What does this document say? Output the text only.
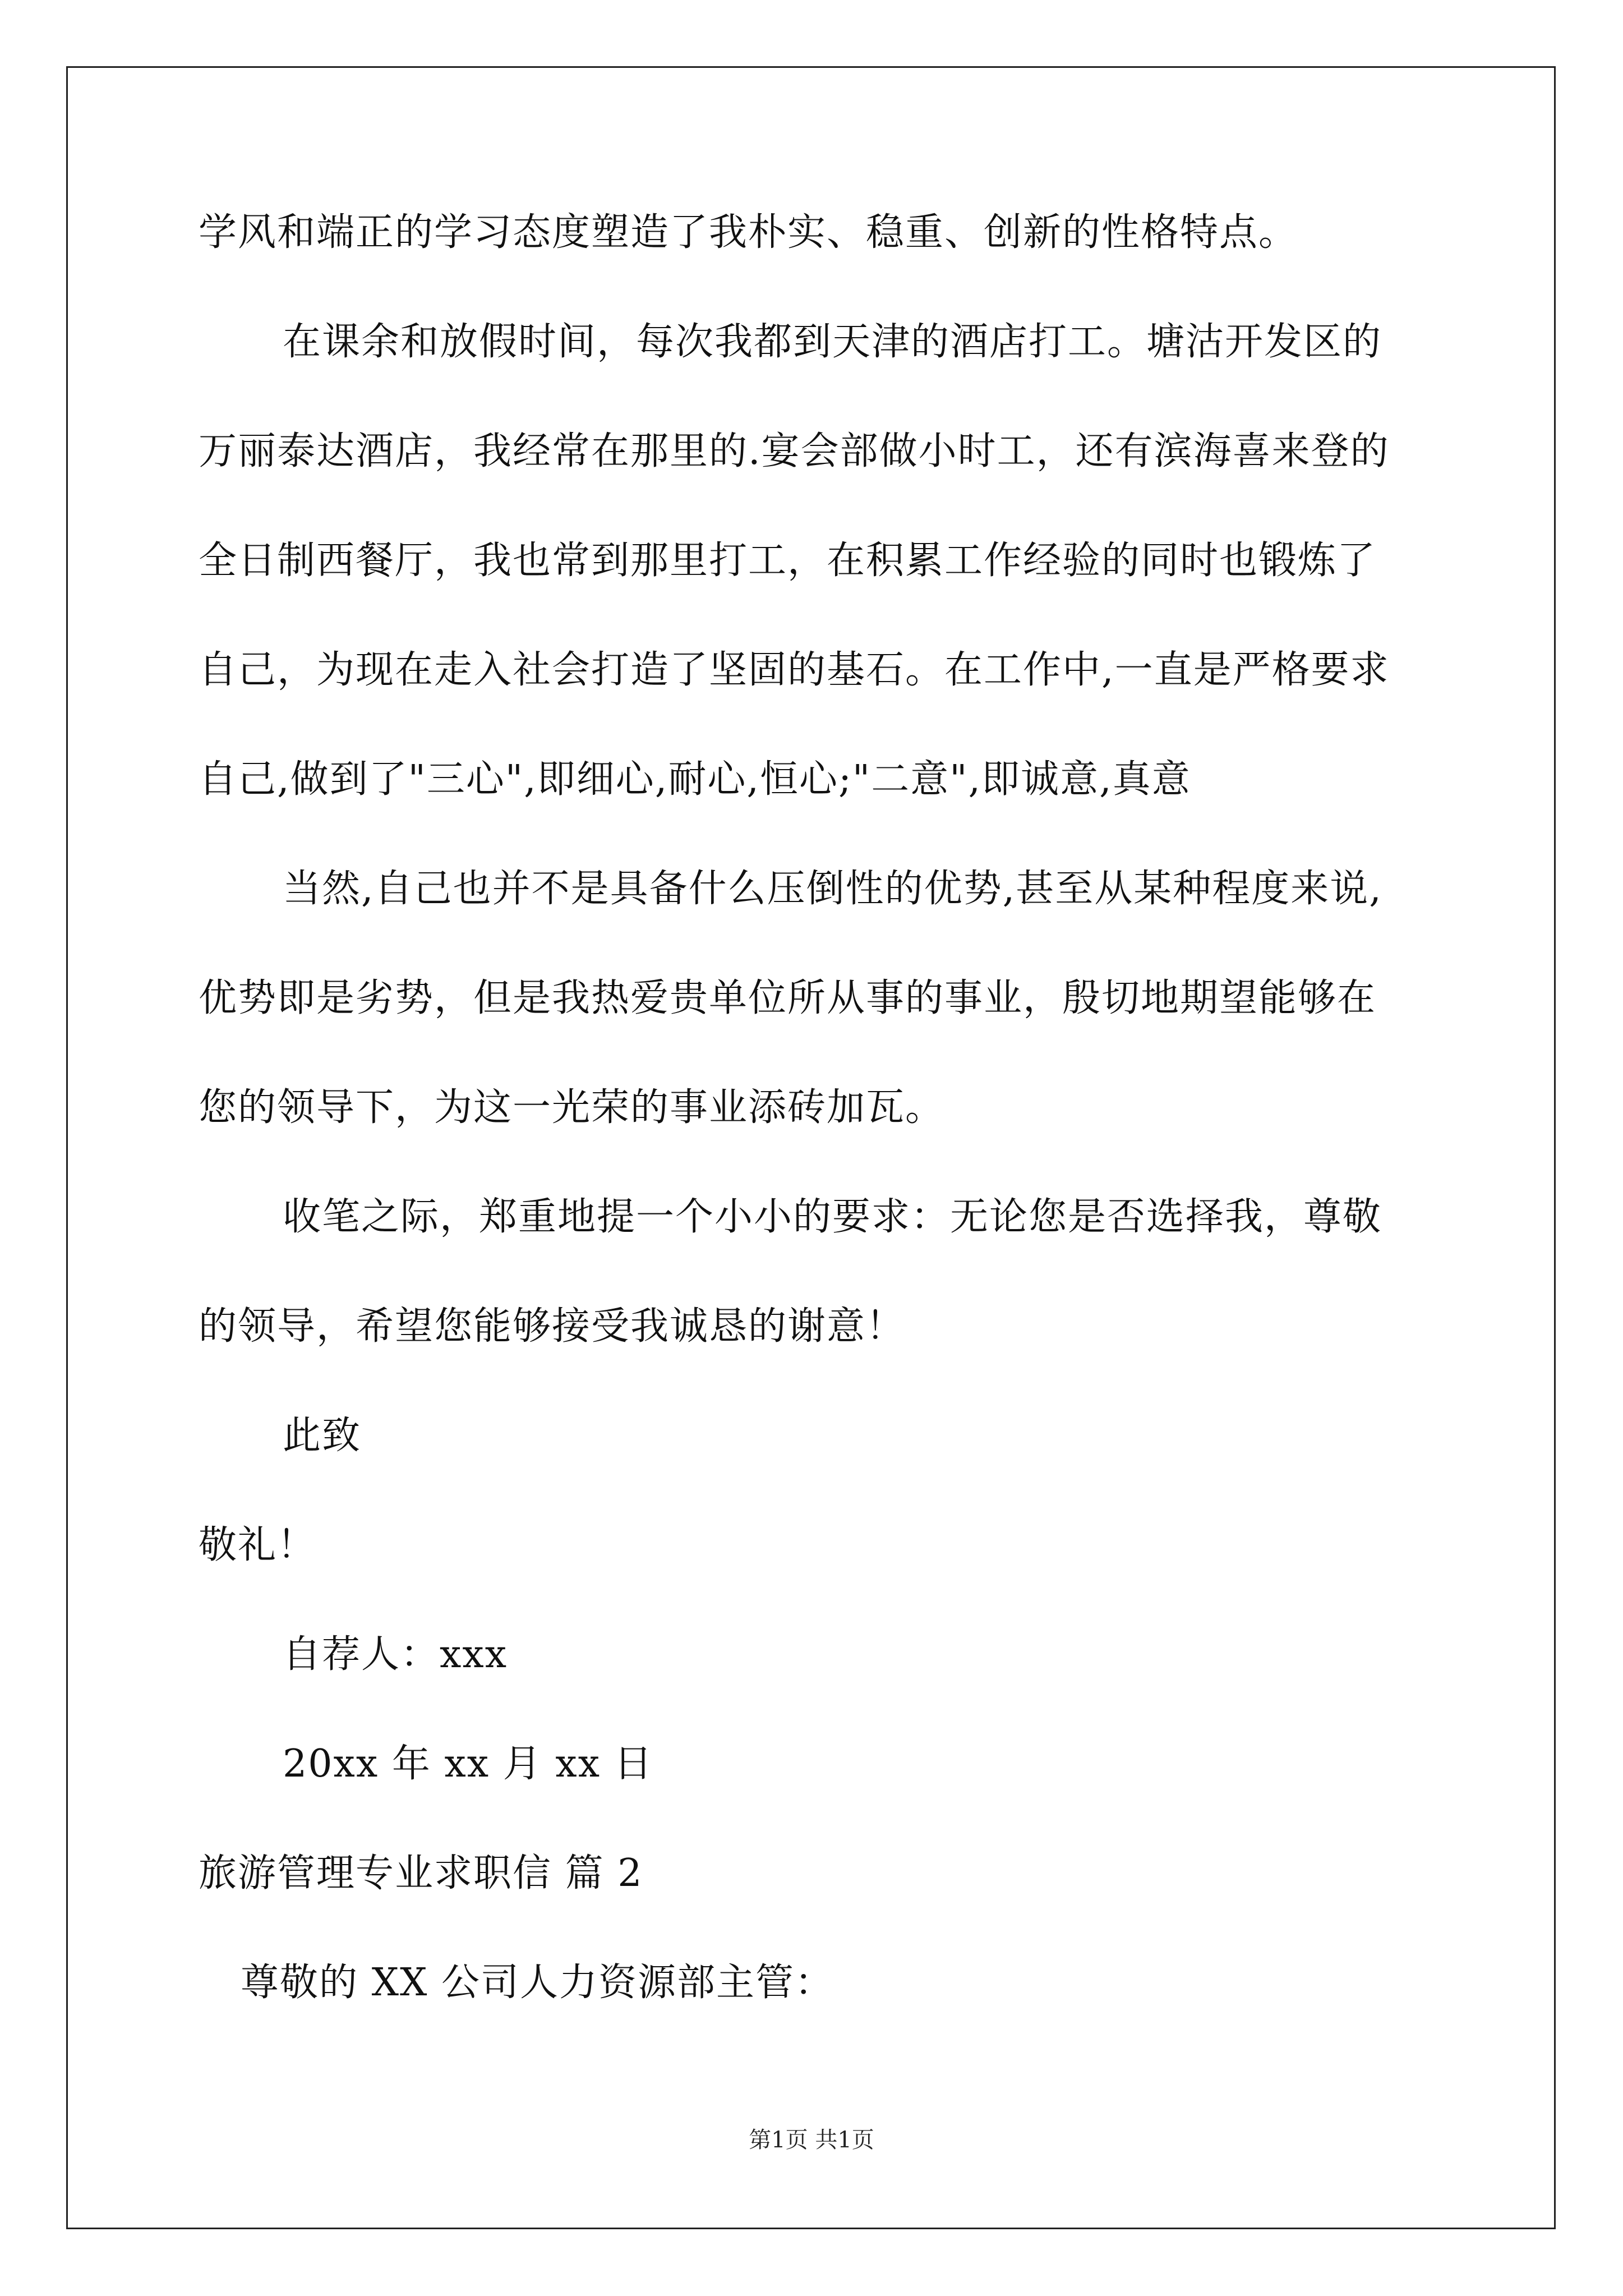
学风和端正的学习态度塑造了我朴实、稳重、创新的性格特点。
在课余和放假时间，每次我都到天津的酒店打工。塘沽开发区的
万丽泰达酒店，我经常在那里的.宴会部做小时工，还有滨海喜来登的
全日制西餐厅，我也常到那里打工，在积累工作经验的同时也锻炼了
自己，为现在走入社会打造了坚固的基石。在工作中,一直是严格要求
自己,做到了"三心",即细心,耐心,恒心;"二意",即诚意,真意
当然,自己也并不是具备什么压倒性的优势,甚至从某种程度来说,
优势即是劣势，但是我热爱贵单位所从事的事业，殷切地期望能够在
您的领导下，为这一光荣的事业添砖加瓦。
收笔之际，郑重地提一个小小的要求：无论您是否选择我，尊敬
的领导，希望您能够接受我诚恳的谢意！
此致
敬礼！
自荐人：xxx
20xx 年 xx 月 xx 日
旅游管理专业求职信 篇 2
尊敬的 XX 公司人力资源部主管：
第1页 共1页
